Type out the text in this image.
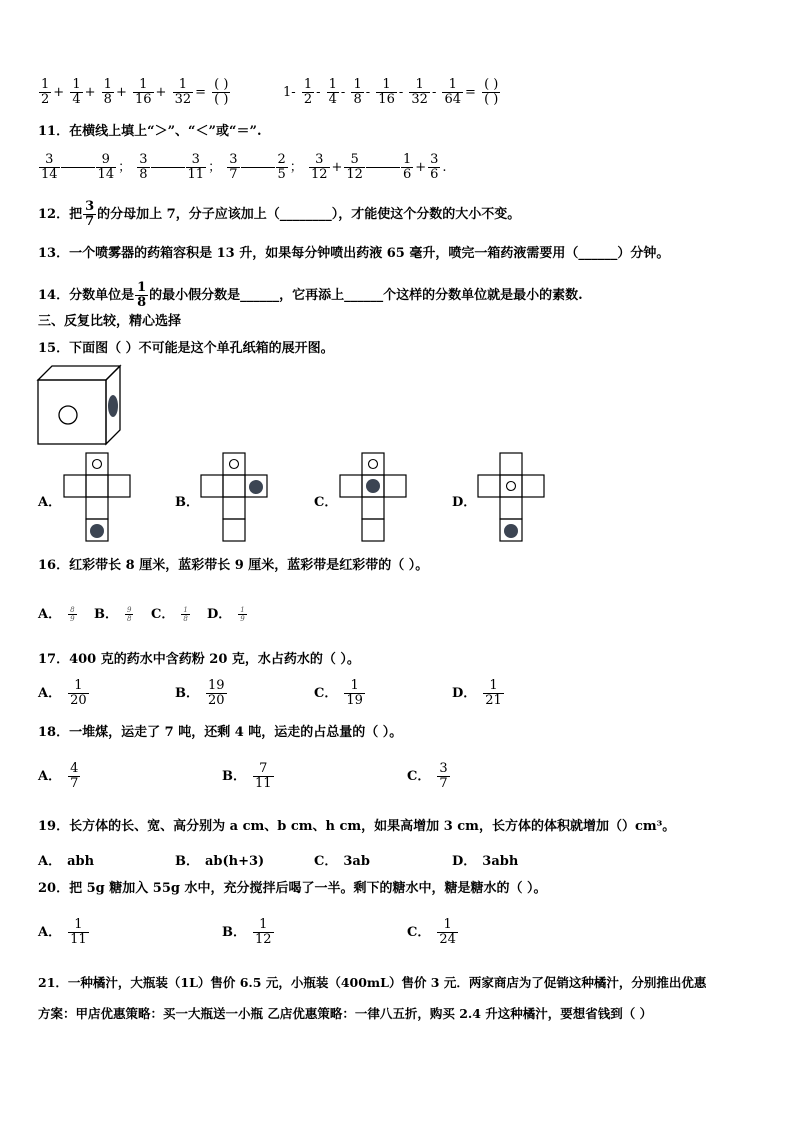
$\frac{1}{2} + \frac{1}{4} + \frac{1}{8} + \frac{1}{16} + \frac{1}{32} = \frac{( )}{( )}$	$1- \frac{1}{2} - \frac{1}{4} - \frac{1}{8} - \frac{1}{16} - \frac{1}{32} - \frac{1}{64} = \frac{( )}{( )}$
11．在横线上填上“＞”、“＜”或“＝”.
$\frac{3}{14}$	$\frac{9}{14}$ ； $\frac{3}{8}$	$\frac{3}{11}$ ； $\frac{3}{7}$	$\frac{2}{5}$ ； $\frac{3}{12} + \frac{5}{12}$	$\frac{1}{6} + \frac{3}{6}$ .
12．把 $\frac{3}{7}$ 的分母加上 7，分子应该加上（________），才能使这个分数的大小不变。
13．一个喷雾器的药箱容积是 13 升，如果每分钟喷出药液 65 毫升，喷完一箱药液需要用（______）分钟。
14．分数单位是 $\frac{1}{8}$ 的最小假分数是______，它再添上______个这样的分数单位就是最小的素数.
三、反复比较，精心选择
15．下面图（ ）不可能是这个单孔纸箱的展开图。
A．	B．	C．	D．
16．红彩带长 8 厘米，蓝彩带长 9 厘米，蓝彩带是红彩带的（ ）。
A． $\frac{8}{9}$ B． $\frac{9}{8}$ C． $\frac{1}{8}$ D． $\frac{1}{9}$
17．400 克的药水中含药粉 20 克，水占药水的（ ）。
A． $\frac{1}{20}$	B． $\frac{19}{20}$	C． $\frac{1}{19}$	D． $\frac{1}{21}$
18．一堆煤，运走了 7 吨，还剩 4 吨，运走的占总量的（ ）。
A． $\frac{4}{7}$	B． $\frac{7}{11}$	C． $\frac{3}{7}$
19．长方体的长、宽、高分别为 a cm、b cm、h cm，如果高增加 3 cm，长方体的体积就增加（）cm³。
A． abh	B． ab(h+3)	C． 3ab	D． 3abh
20．把 5g 糖加入 55g 水中，充分搅拌后喝了一半。剩下的糖水中，糖是糖水的（ ）。
A． $\frac{1}{11}$	B． $\frac{1}{12}$	C． $\frac{1}{24}$
21．一种橘汁，大瓶装（1L）售价 6.5 元，小瓶装（400mL）售价 3 元．两家商店为了促销这种橘汁，分别推出优惠
方案：甲店优惠策略：买一大瓶送一小瓶 乙店优惠策略：一律八五折，购买 2.4 升这种橘汁，要想省钱到（ ）
